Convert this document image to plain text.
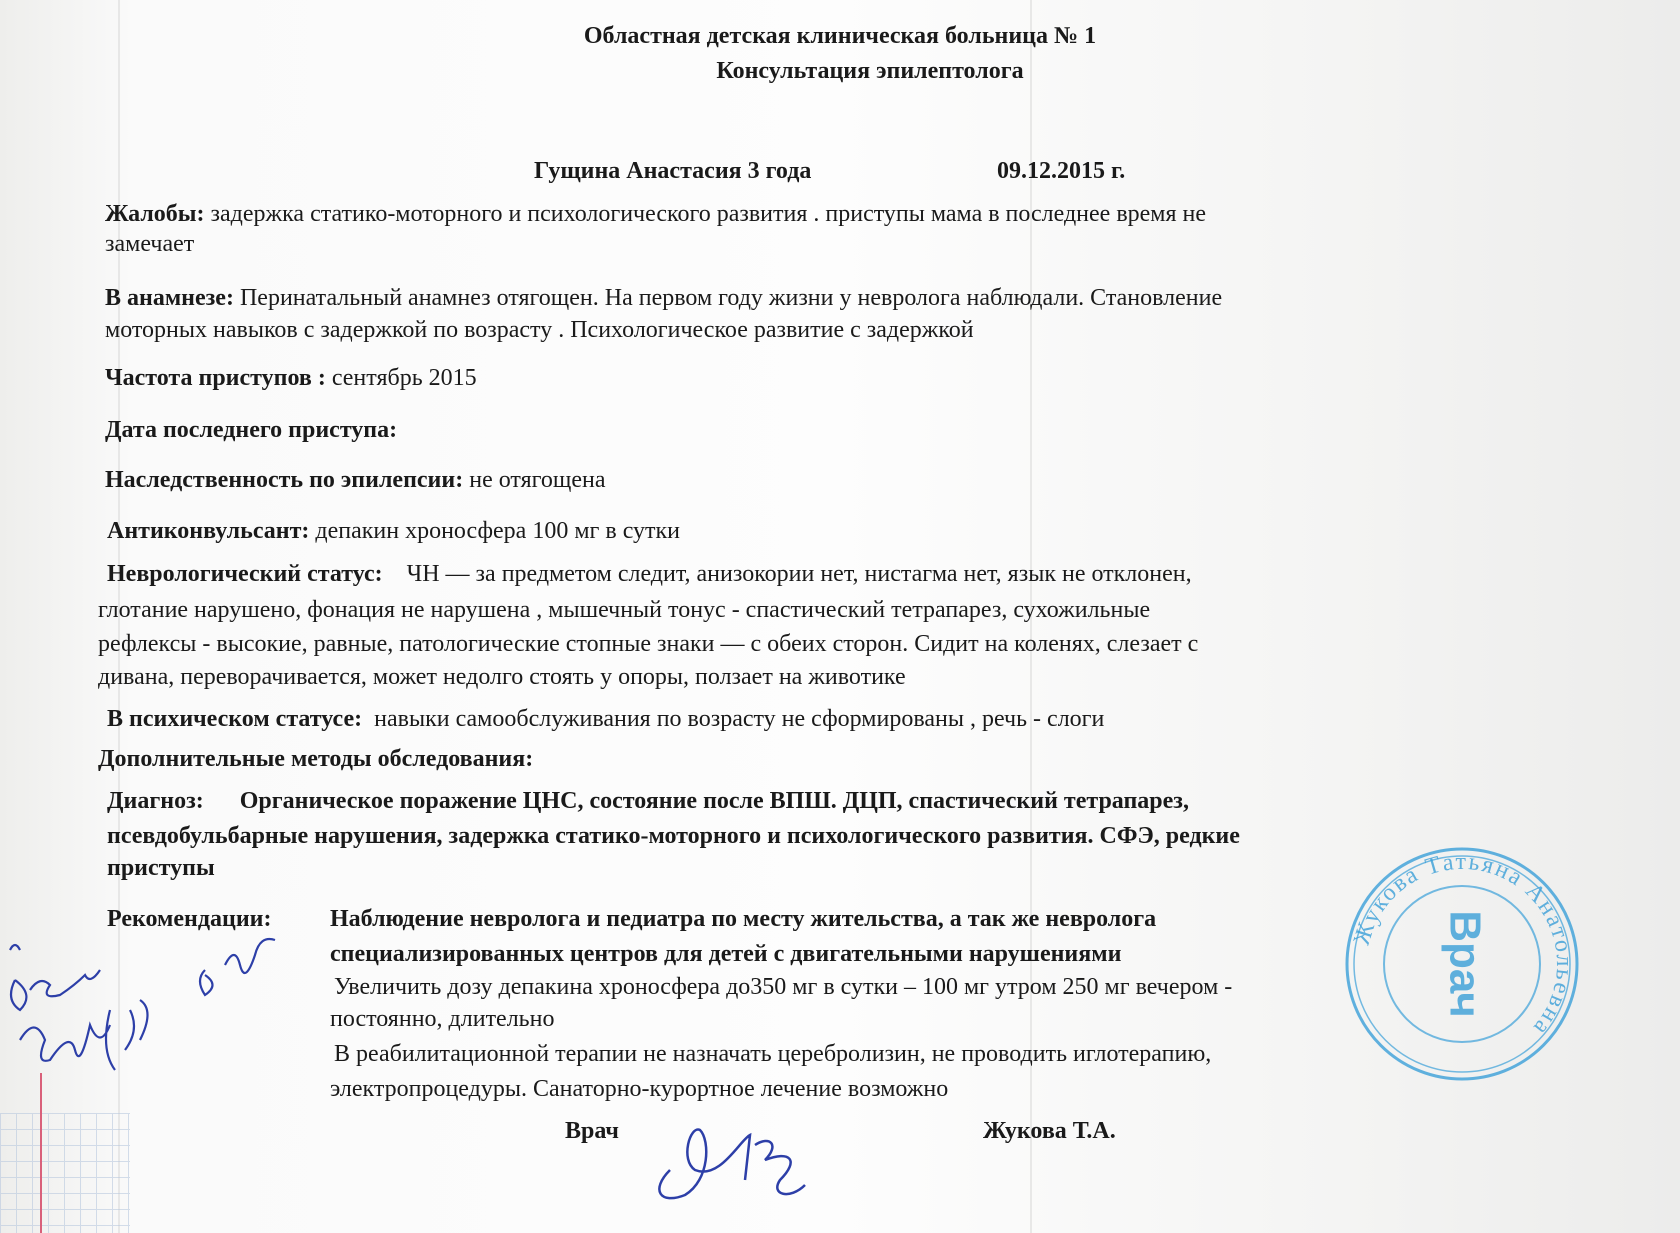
Областная детская клиническая больница № 1
Консультация эпилептолога
Гущина Анастасия 3 года	09.12.2015 г.
Жалобы: задержка статико-моторного и психологического развития . приступы мама в последнее время не
замечает
В анамнезе: Перинатальный анамнез отягощен. На первом году жизни у невролога наблюдали. Становление
моторных навыков с задержкой по возрасту . Психологическое развитие с задержкой
Частота приступов : сентябрь 2015
Дата последнего приступа:
Наследственность по эпилепсии: не отягощена
Антиконвульсант: депакин хроносфера 100 мг в сутки
Неврологический статус: ЧН — за предметом следит, анизокории нет, нистагма нет, язык не отклонен,
глотание нарушено, фонация не нарушена , мышечный тонус - спастический тетрапарез, сухожильные
рефлексы - высокие, равные, патологические стопные знаки — с обеих сторон. Сидит на коленях, слезает с
дивана, переворачивается, может недолго стоять у опоры, ползает на животике
В психическом статусе: навыки самообслуживания по возрасту не сформированы , речь - слоги
Дополнительные методы обследования:
Диагноз: Органическое поражение ЦНС, состояние после ВПШ. ДЦП, спастический тетрапарез,
псевдобульбарные нарушения, задержка статико-моторного и психологического развития. СФЭ, редкие
приступы
Рекомендации: Наблюдение невролога и педиатра по месту жительства, а так же невролога
специализированных центров для детей с двигательными нарушениями
Увеличить дозу депакина хроносфера до350 мг в сутки – 100 мг утром 250 мг вечером -
постоянно, длительно
В реабилитационной терапии не назначать церебролизин, не проводить иглотерапию,
электропроцедуры. Санаторно-курортное лечение возможно
Врач	Жукова Т.А.
Жукова Татьяна Анатольевна
Врач
